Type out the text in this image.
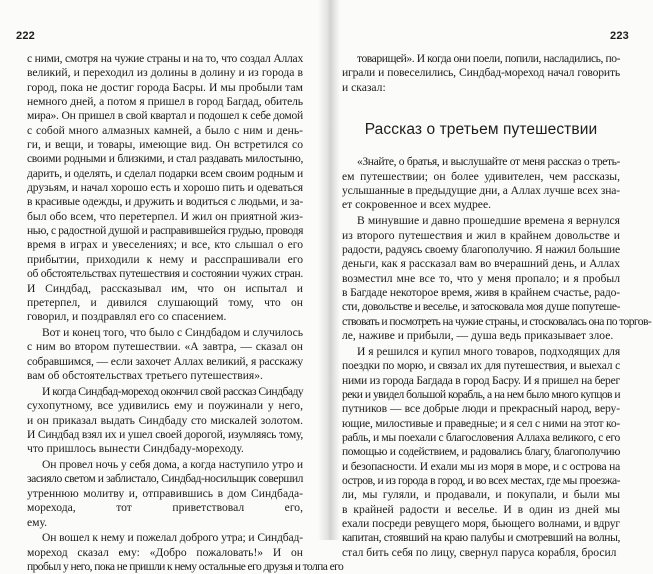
222

с ними, смотря на чужие страны и на то, что создал Аллах
великий, и переходил из долины в долину и из города в
город, пока не достиг города Басры. И мы пробыли там
немного дней, а потом я пришел в город Багдад, обитель
мира». Он пришел в свой квартал и подошел к себе домой
с собой много алмазных камней, а было с ним и день-
ги, и вещи, и товары, имеющие вид. Он встретился со
своими родными и близкими, и стал раздавать милостыню,
дарить, и оделять, и сделал подарки всем своим родным и
друзьям, и начал хорошо есть и хорошо пить и одеваться
в красивые одежды, и дружить и водиться с людьми, и за-
был обо всем, что перетерпел. И жил он приятной жиз-
нью, с радостной душой и расправившейся грудью, проводя
время в играх и увеселениях; и все, кто слышал о его
прибытии, приходили к нему и расспрашивали его
об обстоятельствах путешествия и состоянии чужих стран.
И Синдбад, рассказывал им, что он испытал и
претерпел, и дивился слушающий тому, что он
говорил, и поздравлял его со спасением.

Вот и конец того, что было с Синдбадом и случилось
с ним во втором путешествии. «А завтра, — сказал он
собравшимся, — если захочет Аллах великий, я расскажу
вам об обстоятельствах третьего путешествия».

И когда Синдбад-мореход окончил свой рассказ Синдбаду
сухопутному, все удивились ему и поужинали у него,
и он приказал выдать Синдбаду сто мискалей золотом.
И Синдбад взял их и ушел своей дорогой, изумляясь тому,
что пришлось вынести Синдбаду-мореходу.

Он провел ночь у себя дома, а когда наступило утро и
засияло светом и заблистало, Синдбад-носильщик совершил
утреннюю молитву и, отправившись в дом Синдбада-
морехода, тот приветствовал его,
ему.

Он вошел к нему и пожелал доброго утра; и Синдбад-
мореход сказал ему: «Добро пожаловать!» И он
пробыл у него, пока не пришли к нему остальные его друзья и толпа его

223

товарищей». И когда они поели, попили, насладились, по-
играли и повеселились, Синдбад-мореход начал говорить
и сказал:

Рассказ о третьем путешествии

«Знайте, о братья, и выслушайте от меня рассказ о треть-
ем путешествии; он более удивителен, чем рассказы,
услышанные в предыдущие дни, а Аллах лучше всех зна-
ет сокровенное и всех мудрее.

В минувшие и давно прошедшие времена я вернулся
из второго путешествия и жил в крайнем довольстве и
радости, радуясь своему благополучию. Я нажил большие
деньги, как я рассказал вам во вчерашний день, и Аллах
возместил мне все то, что у меня пропало; и я пробыл
в Багдаде некоторое время, живя в крайнем счастье, радо-
сти, довольстве и веселье, и затосковала моя душе попутеше-
ствовать и посмотреть на чужие страны, и стосковалась она по торгов-
ле, наживе и прибыли, — душа ведь приказывает злое.

И я решился и купил много товаров, подходящих для
поездки по морю, и связал их для путешествия, и выехал с
ними из города Багдада в город Басру. И я пришел на берег
реки и увидел большой корабль, а на нем было много купцов и
путников — все добрые люди и прекрасный народ, веру-
ющие, милостивые и праведные; и я сел с ними на этот ко-
рабль, и мы поехали с благословения Аллаха великого, с его
помощью и содействием, и радовались благу, благополучию
и безопасности. И ехали мы из моря в море, и с острова на
остров, и из города в город, и во всех местах, где мы проезжа-
ли, мы гуляли, и продавали, и покупали, и были мы
в крайней радости и веселье. И в один из дней мы
ехали посреди ревущего моря, бьющего волнами, и вдруг
капитан, стоявший на краю палубы и смотревший на волны,
стал бить себя по лицу, свернул паруса корабля, бросил
